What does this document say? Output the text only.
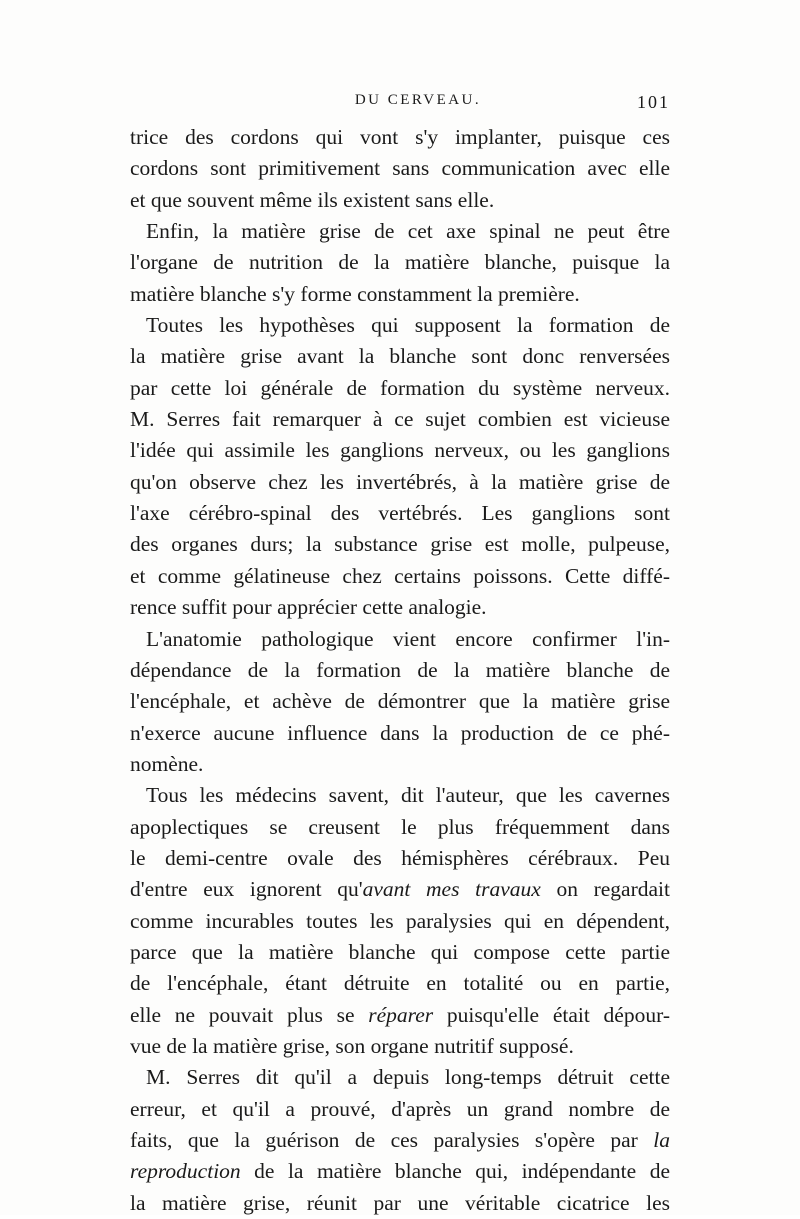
DU CERVEAU.	101
trice des cordons qui vont s'y implanter, puisque ces
cordons sont primitivement sans communication avec elle
et que souvent même ils existent sans elle.
Enfin, la matière grise de cet axe spinal ne peut être
l'organe de nutrition de la matière blanche, puisque la
matière blanche s'y forme constamment la première.
Toutes les hypothèses qui supposent la formation de
la matière grise avant la blanche sont donc renversées
par cette loi générale de formation du système nerveux.
M. Serres fait remarquer à ce sujet combien est vicieuse
l'idée qui assimile les ganglions nerveux, ou les ganglions
qu'on observe chez les invertébrés, à la matière grise de
l'axe cérébro-spinal des vertébrés. Les ganglions sont
des organes durs; la substance grise est molle, pulpeuse,
et comme gélatineuse chez certains poissons. Cette diffé-
rence suffit pour apprécier cette analogie.
L'anatomie pathologique vient encore confirmer l'in-
dépendance de la formation de la matière blanche de
l'encéphale, et achève de démontrer que la matière grise
n'exerce aucune influence dans la production de ce phé-
nomène.
Tous les médecins savent, dit l'auteur, que les cavernes
apoplectiques se creusent le plus fréquemment dans
le demi-centre ovale des hémisphères cérébraux. Peu
d'entre eux ignorent qu'avant mes travaux on regardait
comme incurables toutes les paralysies qui en dépendent,
parce que la matière blanche qui compose cette partie
de l'encéphale, étant détruite en totalité ou en partie,
elle ne pouvait plus se réparer puisqu'elle était dépour-
vue de la matière grise, son organe nutritif supposé.
M. Serres dit qu'il a depuis long-temps détruit cette
erreur, et qu'il a prouvé, d'après un grand nombre de
faits, que la guérison de ces paralysies s'opère par la
reproduction de la matière blanche qui, indépendante de
la matière grise, réunit par une véritable cicatrice les
